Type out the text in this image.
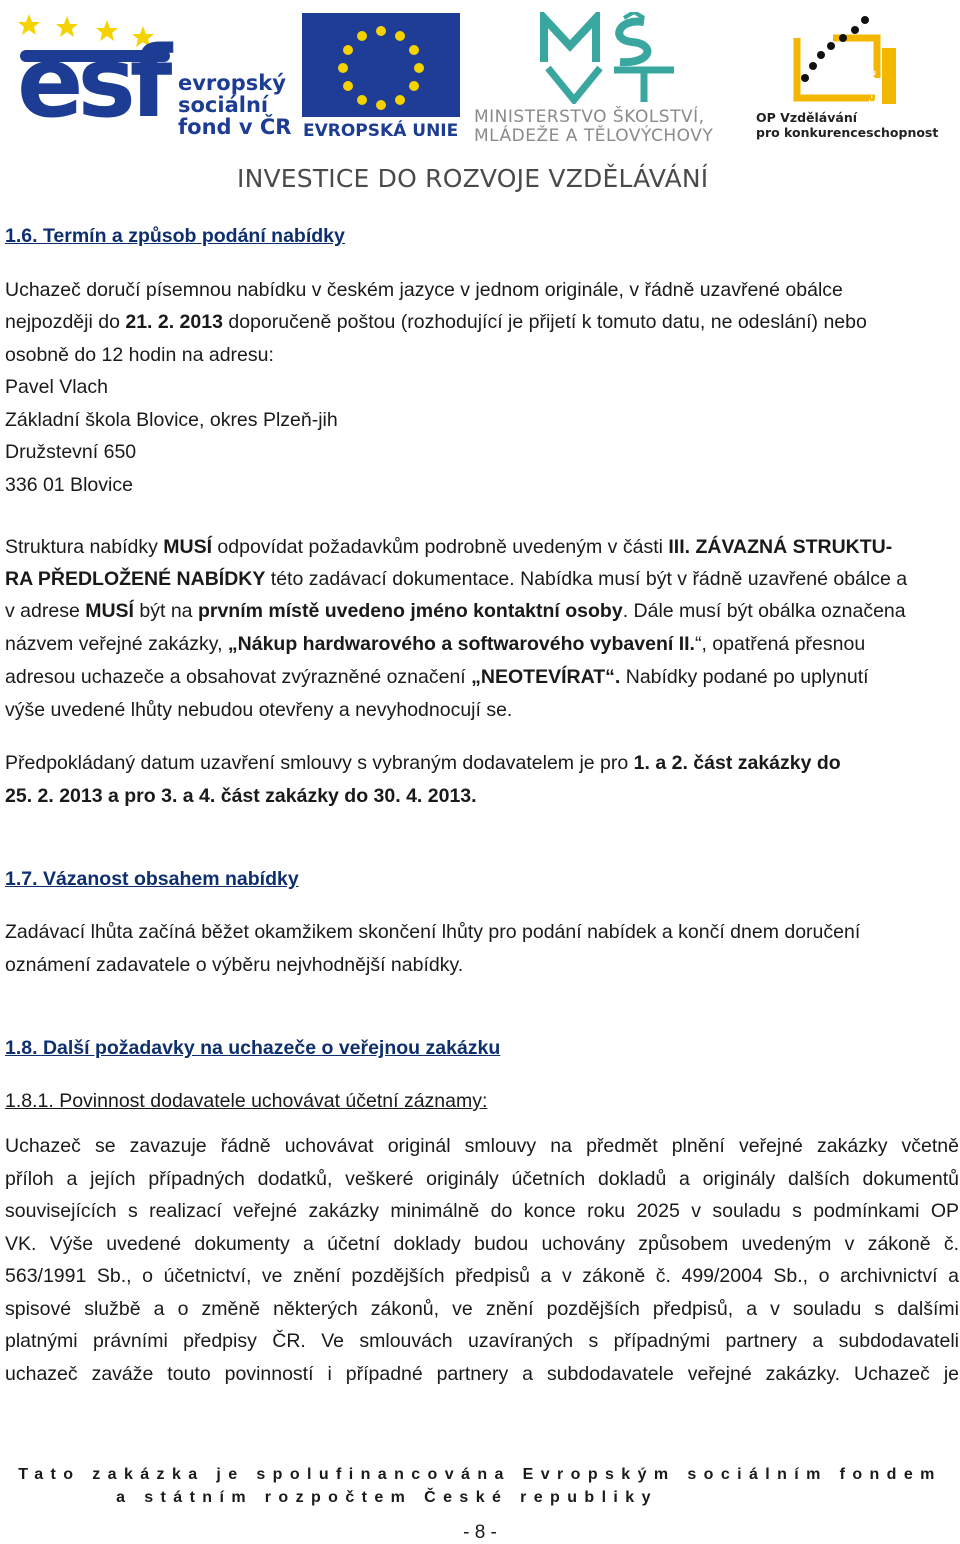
esf evropský
sociální
fond v ČR EVROPSKÁ UNIE
MINISTERSTVO ŠKOLSTVÍ,
MLÁDEŽE A TĚLOVÝCHOVY
2007-13
OP Vzdělávání
pro konkurenceschopnost
INVESTICE DO ROZVOJE VZDĚLÁVÁNÍ
1.6. Termín a způsob podání nabídky
Uchazeč doručí písemnou nabídku v českém jazyce v jednom originále, v řádně uzavřené obálce
nejpozději do 21. 2. 2013 doporučeně poštou (rozhodující je přijetí k tomuto datu, ne odeslání) nebo
osobně do 12 hodin na adresu:
Pavel Vlach
Základní škola Blovice, okres Plzeň-jih
Družstevní 650
336 01 Blovice
Struktura nabídky MUSÍ odpovídat požadavkům podrobně uvedeným v části III. ZÁVAZNÁ STRUKTU-
RA PŘEDLOŽENÉ NABÍDKY této zadávací dokumentace. Nabídka musí být v řádně uzavřené obálce a
v adrese MUSÍ být na prvním místě uvedeno jméno kontaktní osoby. Dále musí být obálka označena
názvem veřejné zakázky, „Nákup hardwarového a softwarového vybavení II.“, opatřená přesnou
adresou uchazeče a obsahovat zvýrazněné označení „NEOTEVÍRAT“. Nabídky podané po uplynutí
výše uvedené lhůty nebudou otevřeny a nevyhodnocují se.
Předpokládaný datum uzavření smlouvy s vybraným dodavatelem je pro 1. a 2. část zakázky do
25. 2. 2013 a pro 3. a 4. část zakázky do 30. 4. 2013.
1.7. Vázanost obsahem nabídky
Zadávací lhůta začíná běžet okamžikem skončení lhůty pro podání nabídek a končí dnem doručení
oznámení zadavatele o výběru nejvhodnější nabídky.
1.8. Další požadavky na uchazeče o veřejnou zakázku
1.8.1. Povinnost dodavatele uchovávat účetní záznamy:
Uchazeč se zavazuje řádně uchovávat originál smlouvy na předmět plnění veřejné zakázky včetně
příloh a jejích případných dodatků, veškeré originály účetních dokladů a originály dalších dokumentů
souvisejících s realizací veřejné zakázky minimálně do konce roku 2025 v souladu s podmínkami OP
VK. Výše uvedené dokumenty a účetní doklady budou uchovány způsobem uvedeným v zákoně č.
563/1991 Sb., o účetnictví, ve znění pozdějších předpisů a v zákoně č. 499/2004 Sb., o archivnictví a
spisové službě a o změně některých zákonů, ve znění pozdějších předpisů, a v souladu s dalšími
platnými právními předpisy ČR. Ve smlouvách uzavíraných s případnými partnery a subdodavateli
uchazeč zaváže touto povinností i případné partnery a subdodavatele veřejné zakázky. Uchazeč je
Tato zakázka je spolufinancována Evropským sociálním fondem
a státním rozpočtem České republiky
- 8 -
